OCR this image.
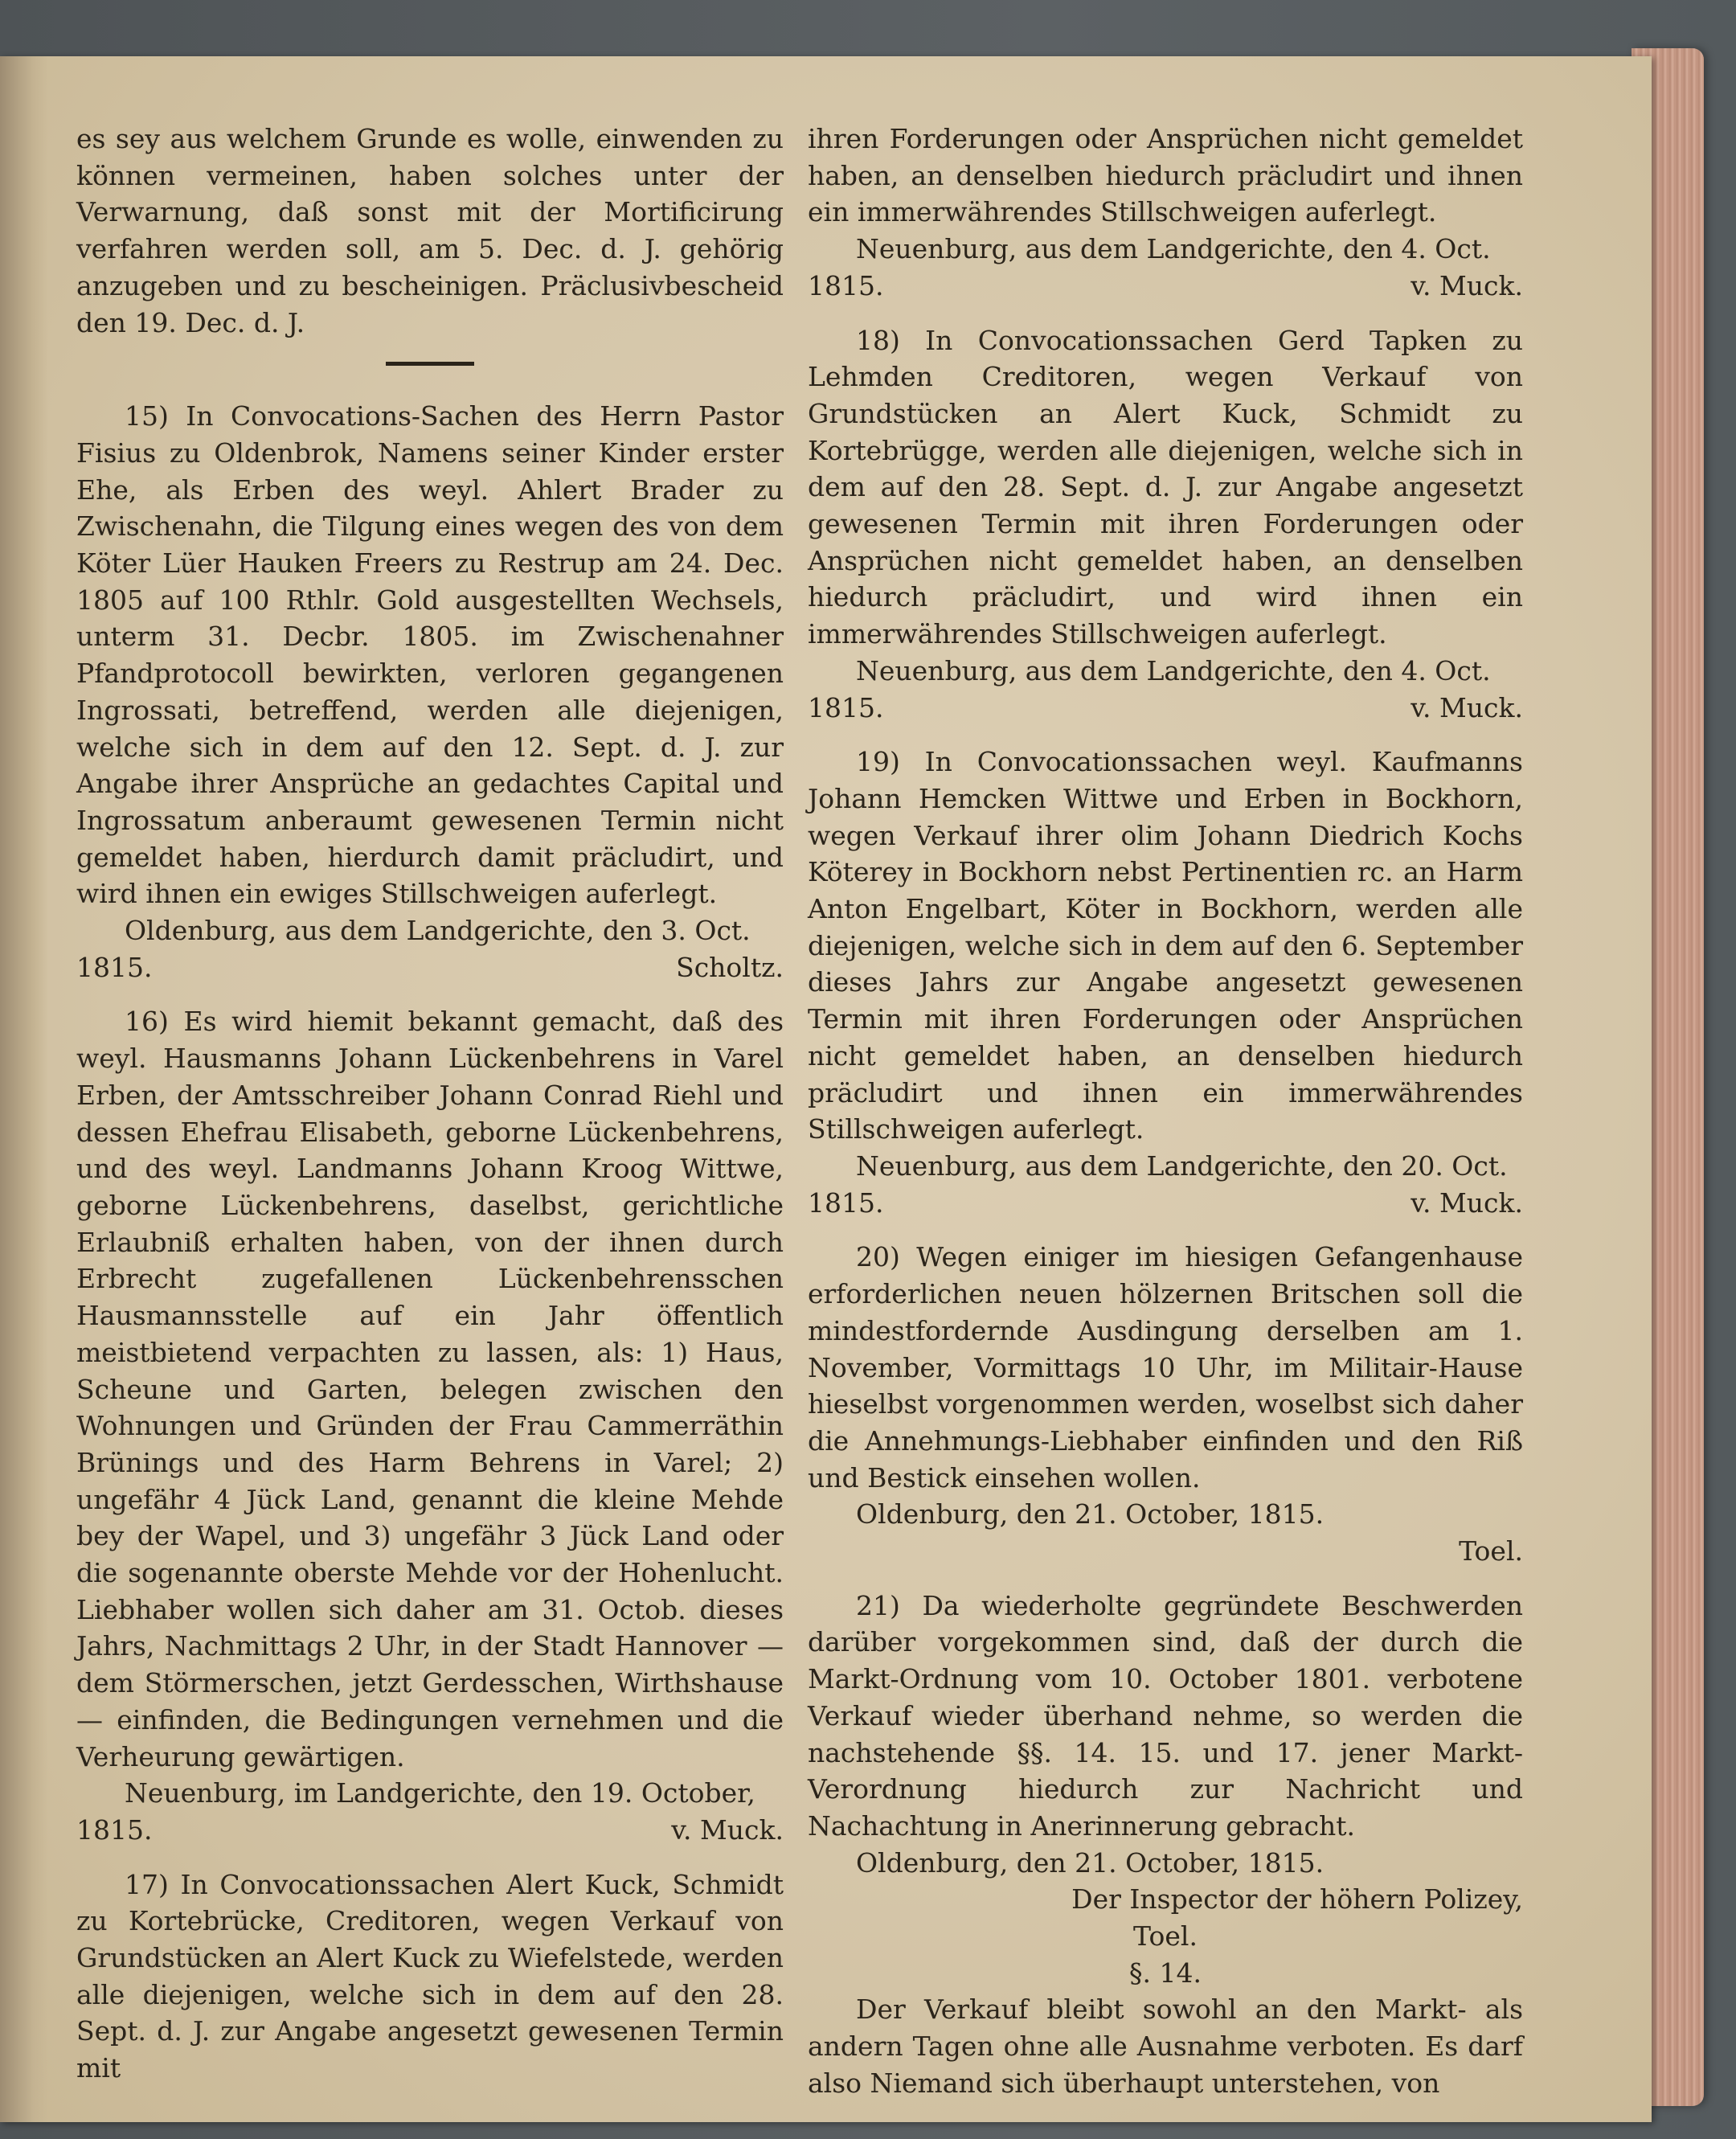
es sey aus welchem Grunde es wolle, einwenden zu können vermeinen, haben solches unter der Verwarnung, daß sonst mit der Mortificirung verfahren werden soll, am 5. Dec. d. J. gehörig anzugeben und zu bescheinigen. Präclusivbescheid den 19. Dec. d. J.

15) In Convocations-Sachen des Herrn Pastor Fisius zu Oldenbrok, Namens seiner Kinder erster Ehe, als Erben des weyl. Ahlert Brader zu Zwischenahn, die Tilgung eines wegen des von dem Köter Lüer Hauken Freers zu Restrup am 24. Dec. 1805 auf 100 Rthlr. Gold ausgestellten Wechsels, unterm 31. Decbr. 1805. im Zwischenahner Pfandprotocoll bewirkten, verloren gegangenen Ingrossati, betreffend, werden alle diejenigen, welche sich in dem auf den 12. Sept. d. J. zur Angabe ihrer Ansprüche an gedachtes Capital und Ingrossatum anberaumt gewesenen Termin nicht gemeldet haben, hierdurch damit präcludirt, und wird ihnen ein ewiges Stillschweigen auferlegt.

Oldenburg, aus dem Landgerichte, den 3. Oct.

1815.	Scholtz.

16) Es wird hiemit bekannt gemacht, daß des weyl. Hausmanns Johann Lückenbehrens in Varel Erben, der Amtsschreiber Johann Conrad Riehl und dessen Ehefrau Elisabeth, geborne Lückenbehrens, und des weyl. Landmanns Johann Kroog Wittwe, geborne Lückenbehrens, daselbst, gerichtliche Erlaubniß erhalten haben, von der ihnen durch Erbrecht zugefallenen Lückenbehrensschen Hausmannsstelle auf ein Jahr öffentlich meistbietend verpachten zu lassen, als: 1) Haus, Scheune und Garten, belegen zwischen den Wohnungen und Gründen der Frau Cammerräthin Brünings und des Harm Behrens in Varel; 2) ungefähr 4 Jück Land, genannt die kleine Mehde bey der Wapel, und 3) ungefähr 3 Jück Land oder die sogenannte oberste Mehde vor der Hohenlucht. Liebhaber wollen sich daher am 31. Octob. dieses Jahrs, Nachmittags 2 Uhr, in der Stadt Hannover — dem Störmerschen, jetzt Gerdesschen, Wirthshause — einfinden, die Bedingungen vernehmen und die Verheurung gewärtigen.

Neuenburg, im Landgerichte, den 19. October,

1815.	v. Muck.

17) In Convocationssachen Alert Kuck, Schmidt zu Kortebrücke, Creditoren, wegen Verkauf von Grundstücken an Alert Kuck zu Wiefelstede, werden alle diejenigen, welche sich in dem auf den 28. Sept. d. J. zur Angabe angesetzt gewesenen Termin mit

ihren Forderungen oder Ansprüchen nicht gemeldet haben, an denselben hiedurch präcludirt und ihnen ein immerwährendes Stillschweigen auferlegt.

Neuenburg, aus dem Landgerichte, den 4. Oct.

1815.	v. Muck.

18) In Convocationssachen Gerd Tapken zu Lehmden Creditoren, wegen Verkauf von Grundstücken an Alert Kuck, Schmidt zu Kortebrügge, werden alle diejenigen, welche sich in dem auf den 28. Sept. d. J. zur Angabe angesetzt gewesenen Termin mit ihren Forderungen oder Ansprüchen nicht gemeldet haben, an denselben hiedurch präcludirt, und wird ihnen ein immerwährendes Stillschweigen auferlegt.

Neuenburg, aus dem Landgerichte, den 4. Oct.

1815.	v. Muck.

19) In Convocationssachen weyl. Kaufmanns Johann Hemcken Wittwe und Erben in Bockhorn, wegen Verkauf ihrer olim Johann Diedrich Kochs Köterey in Bockhorn nebst Pertinentien rc. an Harm Anton Engelbart, Köter in Bockhorn, werden alle diejenigen, welche sich in dem auf den 6. September dieses Jahrs zur Angabe angesetzt gewesenen Termin mit ihren Forderungen oder Ansprüchen nicht gemeldet haben, an denselben hiedurch präcludirt und ihnen ein immerwährendes Stillschweigen auferlegt.

Neuenburg, aus dem Landgerichte, den 20. Oct.

1815.	v. Muck.

20) Wegen einiger im hiesigen Gefangenhause erforderlichen neuen hölzernen Britschen soll die mindestfordernde Ausdingung derselben am 1. November, Vormittags 10 Uhr, im Militair-Hause hieselbst vorgenommen werden, woselbst sich daher die Annehmungs-Liebhaber einfinden und den Riß und Bestick einsehen wollen.

Oldenburg, den 21. October, 1815.

Toel.

21) Da wiederholte gegründete Beschwerden darüber vorgekommen sind, daß der durch die Markt-Ordnung vom 10. October 1801. verbotene Verkauf wieder überhand nehme, so werden die nachstehende §§. 14. 15. und 17. jener Markt-Verordnung hiedurch zur Nachricht und Nachachtung in Anerinnerung gebracht.

Oldenburg, den 21. October, 1815.

Der Inspector der höhern Polizey,

Toel.

§. 14.

Der Verkauf bleibt sowohl an den Markt- als andern Tagen ohne alle Ausnahme verboten. Es darf also Niemand sich überhaupt unterstehen, von
